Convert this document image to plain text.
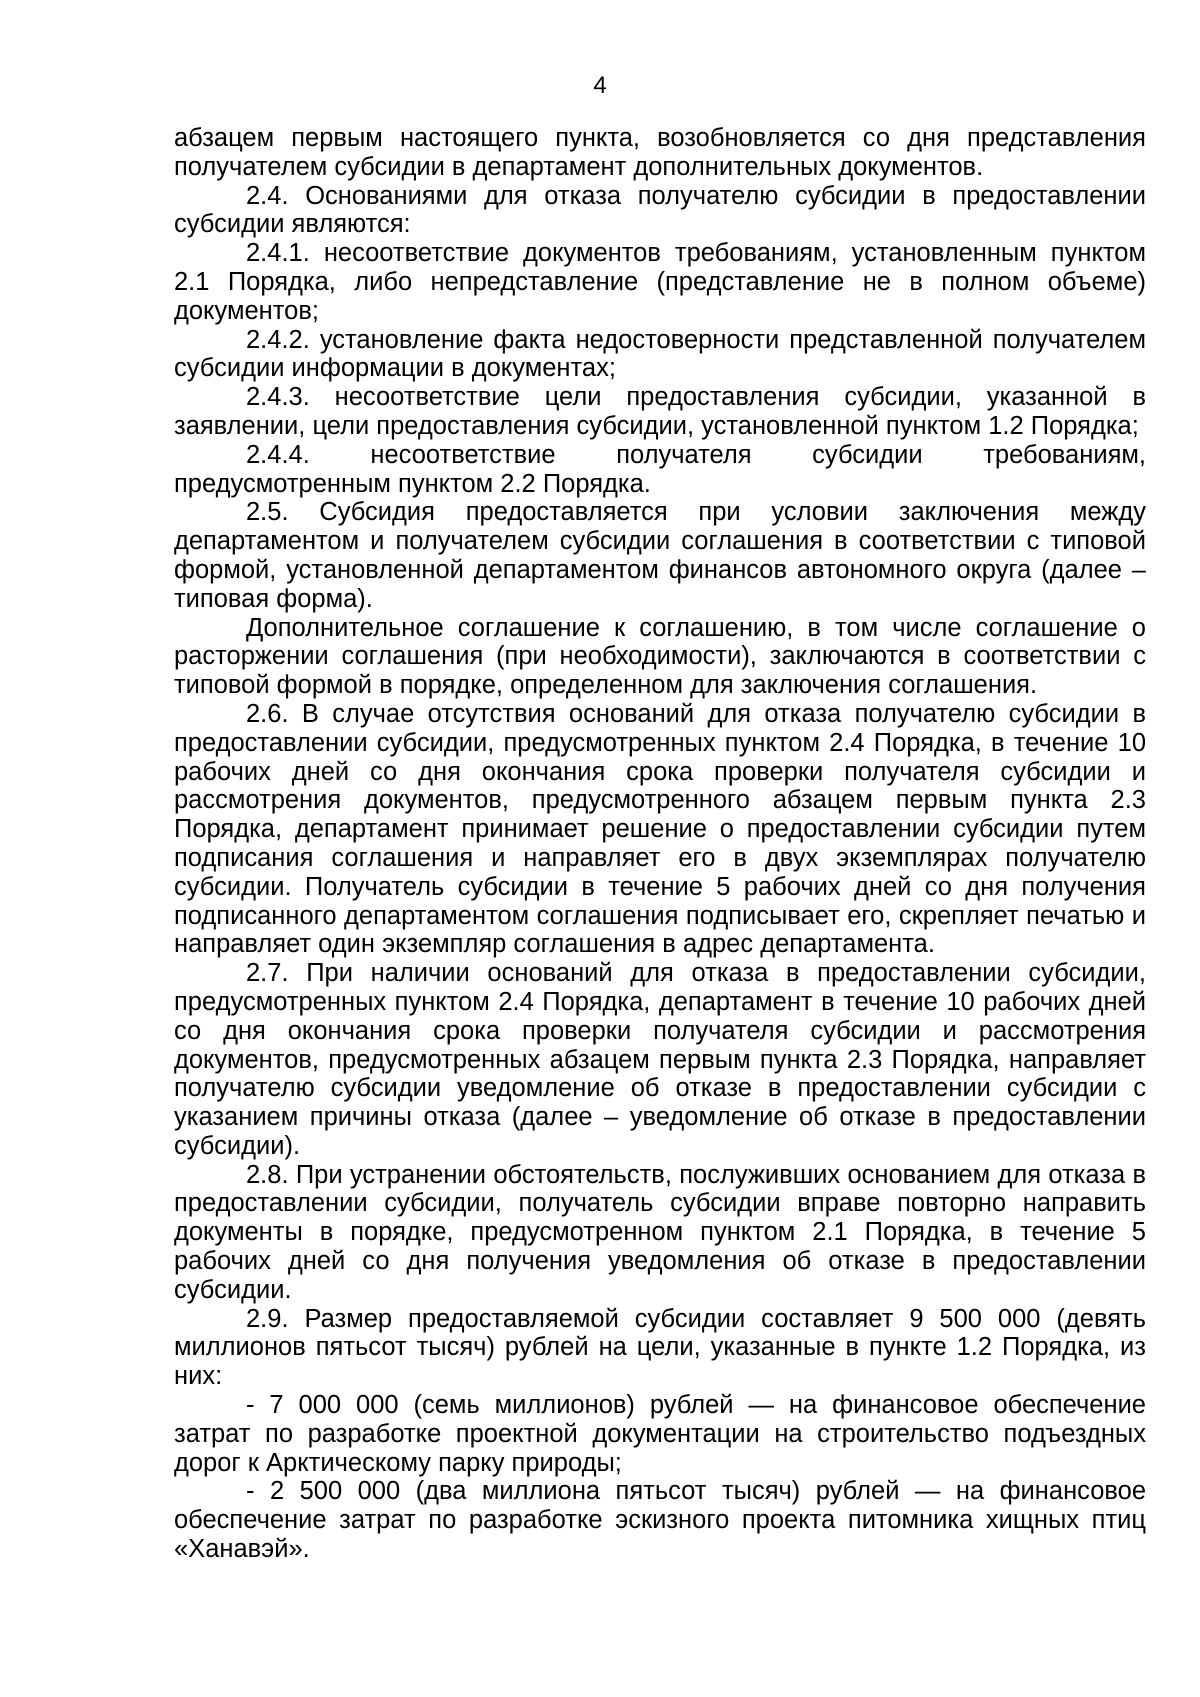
4

абзацем первым настоящего пункта, возобновляется со дня представления получателем субсидии в департамент дополнительных документов.

2.4. Основаниями для отказа получателю субсидии в предоставлении субсидии являются:

2.4.1. несоответствие документов требованиям, установленным пунктом 2.1 Порядка, либо непредставление (представление не в полном объеме) документов;

2.4.2. установление факта недостоверности представленной получателем субсидии информации в документах;

2.4.3. несоответствие цели предоставления субсидии, указанной в заявлении, цели предоставления субсидии, установленной пунктом 1.2 Порядка;

2.4.4. несоответствие получателя субсидии требованиям, предусмотренным пунктом 2.2 Порядка.

2.5. Субсидия предоставляется при условии заключения между департаментом и получателем субсидии соглашения в соответствии с типовой формой, установленной департаментом финансов автономного округа (далее – типовая форма).

Дополнительное соглашение к соглашению, в том числе соглашение о расторжении соглашения (при необходимости), заключаются в соответствии с типовой формой в порядке, определенном для заключения соглашения.

2.6. В случае отсутствия оснований для отказа получателю субсидии в предоставлении субсидии, предусмотренных пунктом 2.4 Порядка, в течение 10 рабочих дней со дня окончания срока проверки получателя субсидии и рассмотрения документов, предусмотренного абзацем первым пункта 2.3 Порядка, департамент принимает решение о предоставлении субсидии путем подписания соглашения и направляет его в двух экземплярах получателю субсидии. Получатель субсидии в течение 5 рабочих дней со дня получения подписанного департаментом соглашения подписывает его, скрепляет печатью и направляет один экземпляр соглашения в адрес департамента.

2.7. При наличии оснований для отказа в предоставлении субсидии, предусмотренных пунктом 2.4 Порядка, департамент в течение 10 рабочих дней со дня окончания срока проверки получателя субсидии и рассмотрения документов, предусмотренных абзацем первым пункта 2.3 Порядка, направляет получателю субсидии уведомление об отказе в предоставлении субсидии с указанием причины отказа (далее – уведомление об отказе в предоставлении субсидии).

2.8. При устранении обстоятельств, послуживших основанием для отказа в предоставлении субсидии, получатель субсидии вправе повторно направить документы в порядке, предусмотренном пунктом 2.1 Порядка, в течение 5 рабочих дней со дня получения уведомления об отказе в предоставлении субсидии.

2.9. Размер предоставляемой субсидии составляет 9 500 000 (девять миллионов пятьсот тысяч) рублей на цели, указанные в пункте 1.2 Порядка, из них:

- 7 000 000 (семь миллионов) рублей — на финансовое обеспечение затрат по разработке проектной документации на строительство подъездных дорог к Арктическому парку природы;

- 2 500 000 (два миллиона пятьсот тысяч) рублей — на финансовое обеспечение затрат по разработке эскизного проекта питомника хищных птиц «Ханавэй».
